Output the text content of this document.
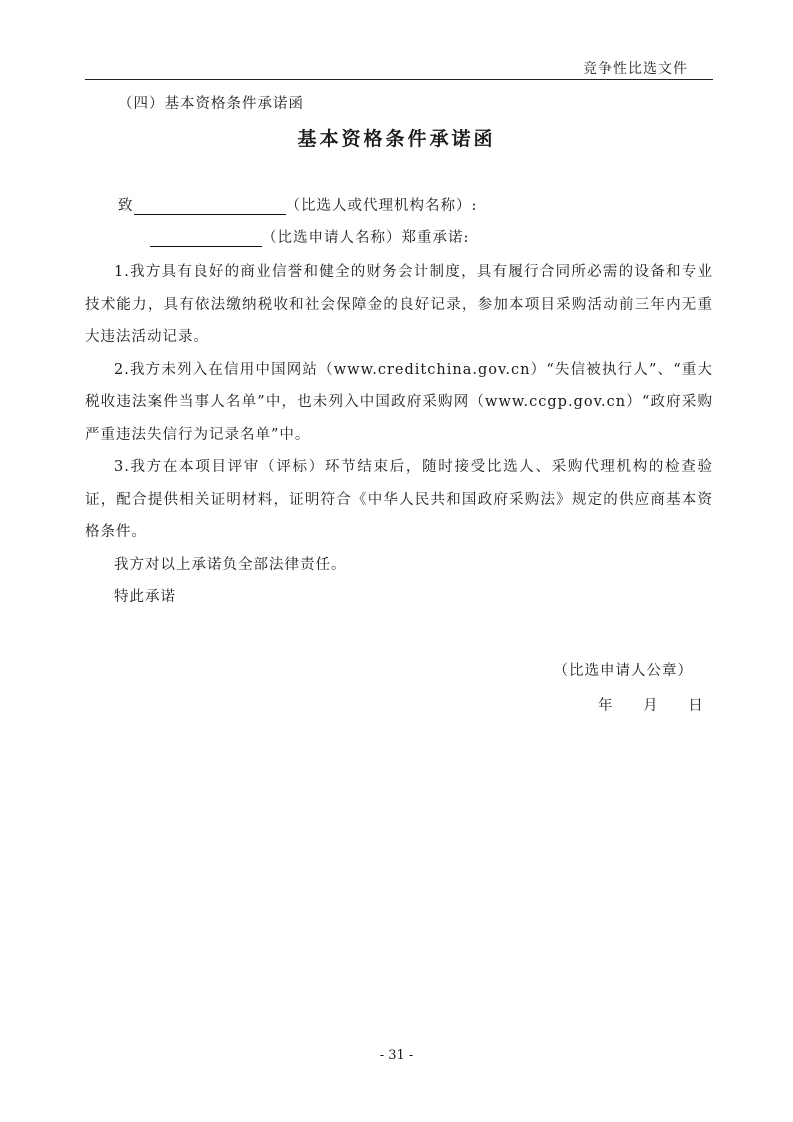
竞争性比选文件
（四）基本资格条件承诺函
基本资格条件承诺函
致	（比选人或代理机构名称）:
（比选申请人名称）郑重承诺:

1.我方具有良好的商业信誉和健全的财务会计制度，具有履行合同所必需的设备和专业技术能力，具有依法缴纳税收和社会保障金的良好记录，参加本项目采购活动前三年内无重大违法活动记录。

2.我方未列入在信用中国网站（www.creditchina.gov.cn）“失信被执行人”、“重大税收违法案件当事人名单”中，也未列入中国政府采购网（www.ccgp.gov.cn）“政府采购严重违法失信行为记录名单”中。

3.我方在本项目评审（评标）环节结束后，随时接受比选人、采购代理机构的检查验证，配合提供相关证明材料，证明符合《中华人民共和国政府采购法》规定的供应商基本资格条件。

我方对以上承诺负全部法律责任。

特此承诺

（比选申请人公章）
年 月 日
- 31 -
